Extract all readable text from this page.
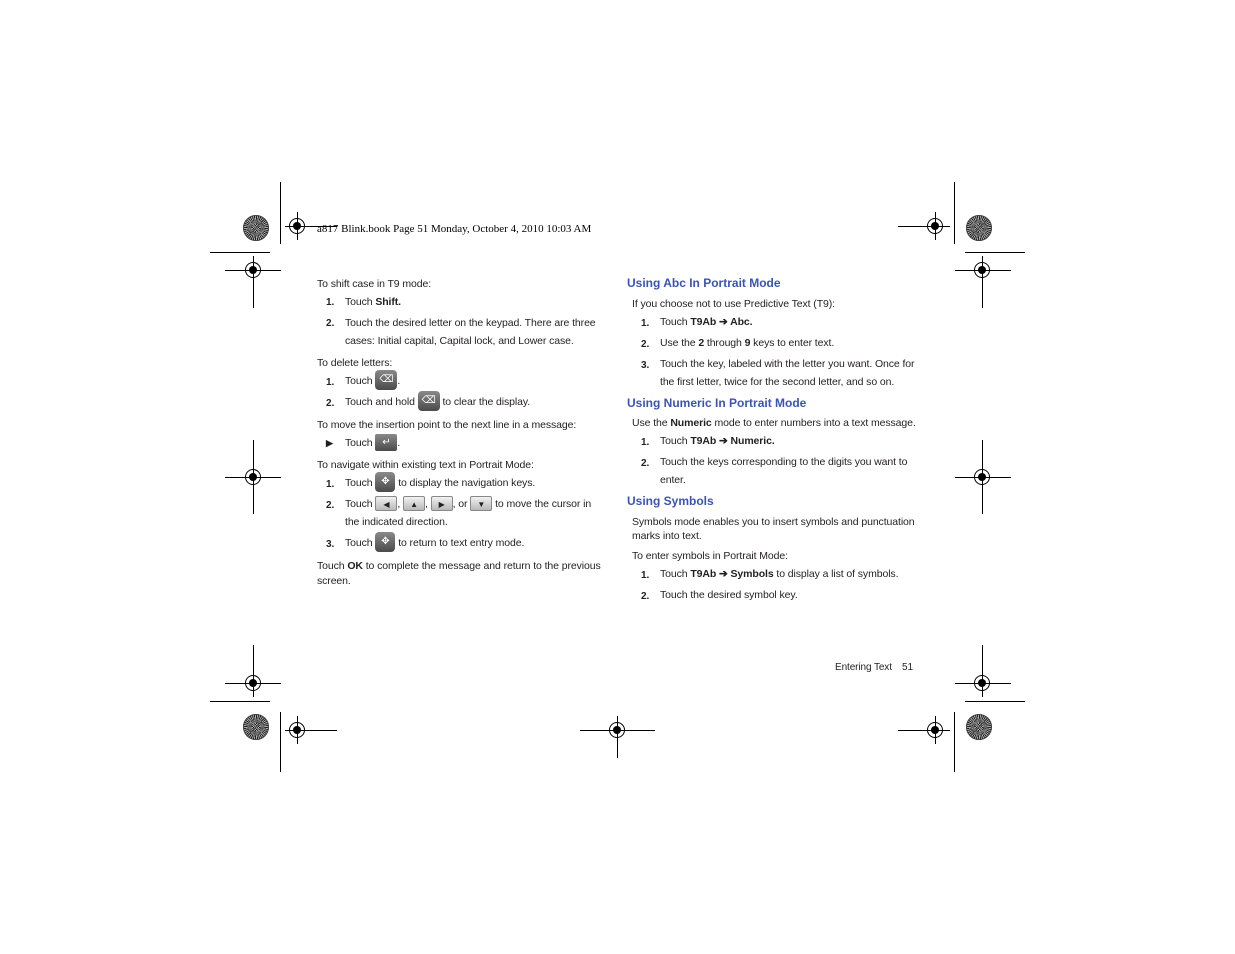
a817 Blink.book Page 51 Monday, October 4, 2010 10:03 AM
To shift case in T9 mode:
1. Touch Shift.
2. Touch the desired letter on the keypad. There are three
cases: Initial capital, Capital lock, and Lower case.
To delete letters:
1. Touch ⌫ .
2. Touch and hold ⌫ to clear the display.
To move the insertion point to the next line in a message:
▶ Touch ↵ .
To navigate within existing text in Portrait Mode:
1. Touch ✥ to display the navigation keys.
2. Touch ◀ , ▲ , ▶ , or ▼ to move the cursor in
the indicated direction.
3. Touch ✥ to return to text entry mode.
Touch OK to complete the message and return to the previous
screen.
Using Abc In Portrait Mode
If you choose not to use Predictive Text (T9):
1. Touch T9Ab ➔ Abc.
2. Use the 2 through 9 keys to enter text.
3. Touch the key, labeled with the letter you want. Once for
the first letter, twice for the second letter, and so on.
Using Numeric In Portrait Mode
Use the Numeric mode to enter numbers into a text message.
1. Touch T9Ab ➔ Numeric.
2. Touch the keys corresponding to the digits you want to
enter.
Using Symbols
Symbols mode enables you to insert symbols and punctuation
marks into text.
To enter symbols in Portrait Mode:
1. Touch T9Ab ➔ Symbols to display a list of symbols.
2. Touch the desired symbol key.
Entering Text 51
